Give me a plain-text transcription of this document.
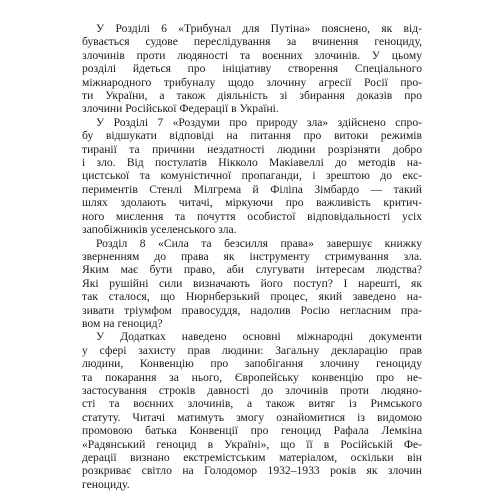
У Розділі 6 «Трибунал для Путіна» пояснено, як від-
бувається судове переслідування за вчинення геноциду,
злочинів проти людяності та воєнних злочинів. У цьому
розділі йдеться про ініціативу створення Спеціального
міжнародного трибуналу щодо злочину агресії Росії про-
ти України, а також діяльність зі збирання доказів про
злочини Російської Федерації в Україні.

У Розділі 7 «Роздуми про природу зла» здійснено спро-
бу відшукати відповіді на питання про витоки режимів
тиранії та причини нездатності людини розрізняти добро
і зло. Від постулатів Нікколо Макіавеллі до методів на-
цистської та комуністичної пропаганди, і зрештою до екс-
периментів Стенлі Мілгрема й Філіпа Зімбардо — такий
шлях здолають читачі, міркуючи про важливість критич-
ного мислення та почуття особистої відповідальності усіх
запобіжників уселенського зла.

Розділ 8 «Сила та безсилля права» завершує книжку
зверненням до права як інструменту стримування зла.
Яким має бути право, аби слугувати інтересам людства?
Які рушійні сили визначають його поступ? І нарешті, як
так сталося, що Нюрнберзький процес, який заведено на-
зивати тріумфом правосуддя, надолив Росію негласним пра-
вом на геноцид?

У Додатках наведено основні міжнародні документи
у сфері захисту прав людини: Загальну декларацію прав
людини, Конвенцію про запобігання злочину геноциду
та покарання за нього, Європейську конвенцію про не-
застосування строків давності до злочинів проти людяно-
сті та воєнних злочинів, а також витяг із Римського
статуту. Читачі матимуть змогу ознайомитися із видомою
промовою батька Конвенції про геноцид Рафала Лемкіна
«Радянський геноцид в Україні», що її в Російській Фе-
дерації визнано екстремістським матеріалом, оскільки він
розкриває світло на Голодомор 1932–1933 років як злочин
геноциду.
